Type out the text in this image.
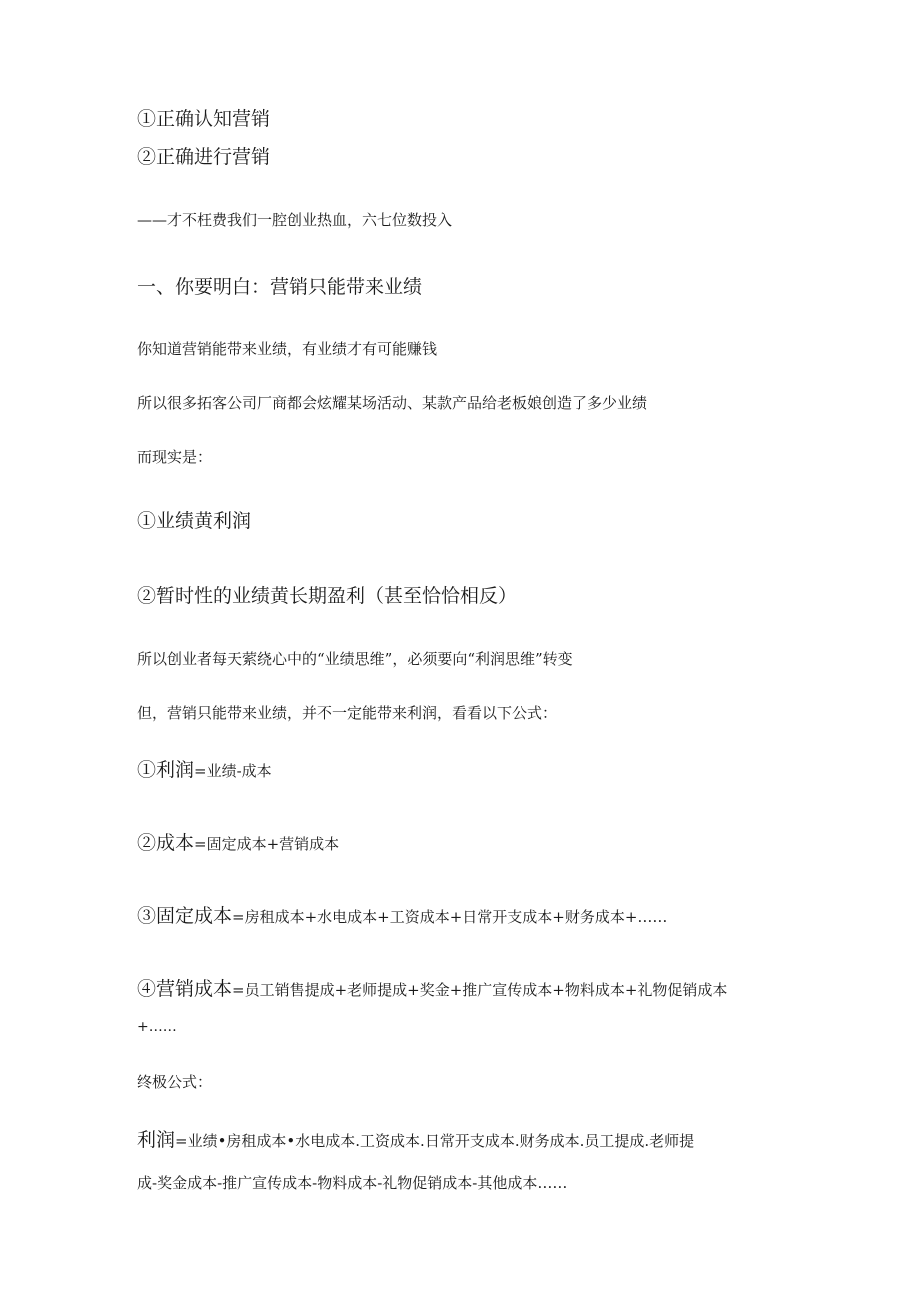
①正确认知营销
②正确进行营销
——才不枉费我们一腔创业热血，六七位数投入
一、你要明白：营销只能带来业绩
你知道营销能带来业绩，有业绩才有可能赚钱
所以很多拓客公司厂商都会炫耀某场活动、某款产品给老板娘创造了多少业绩
而现实是：
①业绩黄利润
②暂时性的业绩黄长期盈利（甚至恰恰相反）
所以创业者每天萦绕心中的“业绩思维”，必须要向“利润思维”转变
但，营销只能带来业绩，并不一定能带来利润，看看以下公式：
①利润=业绩-成本
②成本=固定成本+营销成本
③固定成本=房租成本+水电成本+工资成本+日常开支成本+财务成本+……
④营销成本=员工销售提成+老师提成+奖金+推广宣传成本+物料成本+礼物促销成本
+……
终极公式：
利润=业绩•房租成本•水电成本.工资成本.日常开支成本.财务成本.员工提成.老师提
成-奖金成本-推广宣传成本-物料成本-礼物促销成本-其他成本……
